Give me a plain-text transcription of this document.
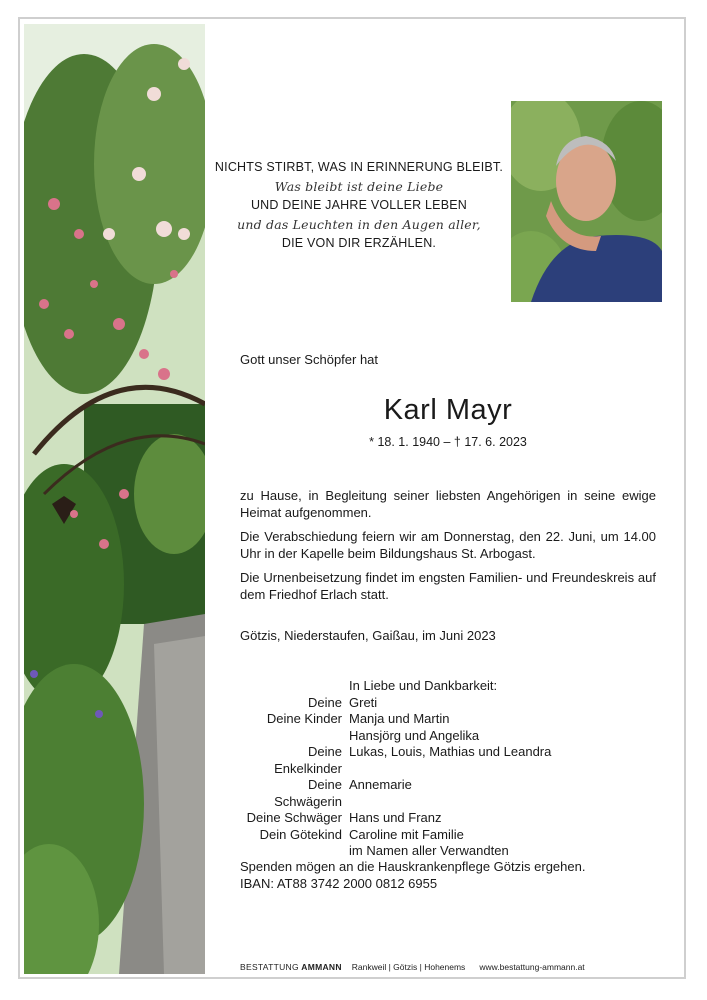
NICHTS STIRBT, WAS IN ERINNERUNG BLEIBT.
Was bleibt ist deine Liebe
UND DEINE JAHRE VOLLER LEBEN
und das Leuchten in den Augen aller,
DIE VON DIR ERZÄHLEN.
Gott unser Schöpfer hat
Karl Mayr
* 18. 1. 1940 – † 17. 6. 2023

zu Hause, in Begleitung seiner liebsten Angehörigen in seine ewige Heimat aufgenommen.

Die Verabschiedung feiern wir am Donnerstag, den 22. Juni, um 14.00 Uhr in der Kapelle beim Bildungshaus St. Arbogast.

Die Urnenbeisetzung findet im engsten Familien- und Freundeskreis auf dem Friedhof Erlach statt.

Götzis, Niederstaufen, Gaißau, im Juni 2023
In Liebe und Dankbarkeit:
Deine Greti
Deine Kinder Manja und Martin
Hansjörg und Angelika
Deine Enkelkinder
Lukas, Louis, Mathias und Leandra
Deine Schwägerin
Annemarie
Deine Schwäger Hans und Franz
Dein Götekind Caroline mit Familie
im Namen aller Verwandten
Spenden mögen an die Hauskrankenpflege Götzis ergehen.
IBAN: AT88 3742 2000 0812 6955
BESTATTUNG AMMANN Rankweil | Götzis | Hohenems www.bestattung-ammann.at
